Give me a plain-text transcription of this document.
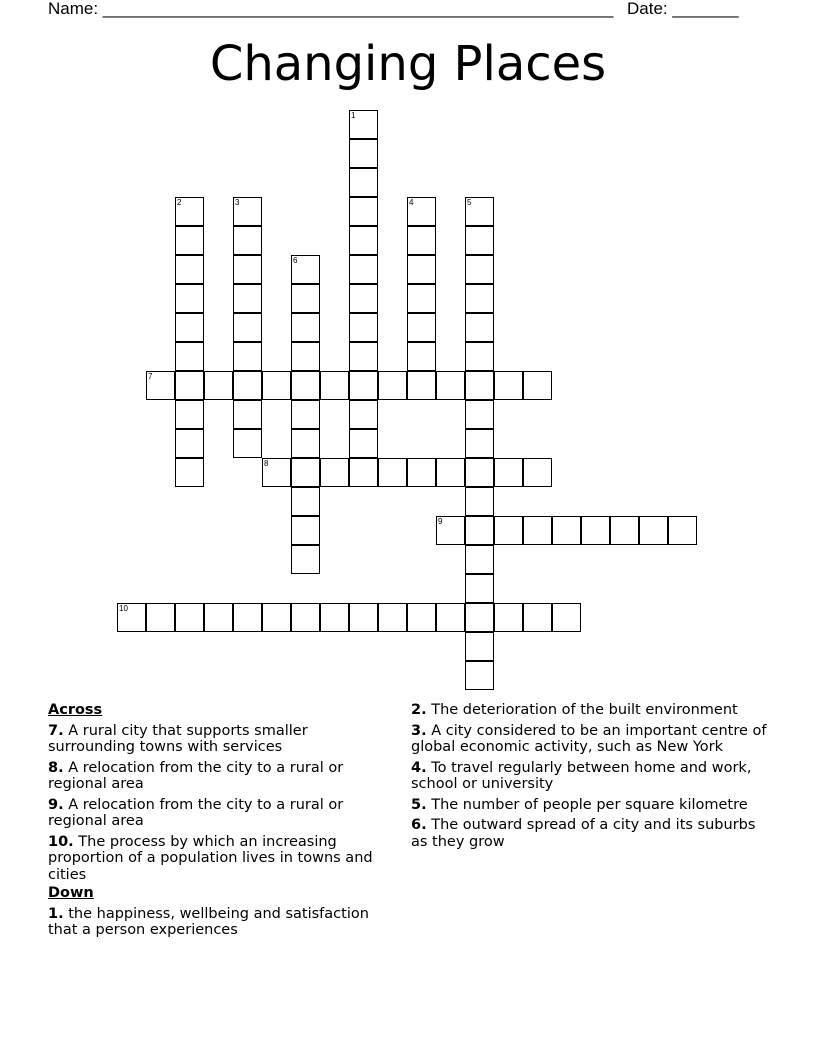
Name: ______________________________________________________ Date: _______
Changing Places
1
2	3	4	5
6
7
8
9
10
Across
7. A rural city that supports smaller surrounding towns with services
8. A relocation from the city to a rural or regional area
9. A relocation from the city to a rural or regional area
10. The process by which an increasing proportion of a population lives in towns and cities
Down
1. the happiness, wellbeing and satisfaction that a person experiences
2. The deterioration of the built environment
3. A city considered to be an important centre of global economic activity, such as New York
4. To travel regularly between home and work, school or university
5. The number of people per square kilometre
6. The outward spread of a city and its suburbs as they grow
